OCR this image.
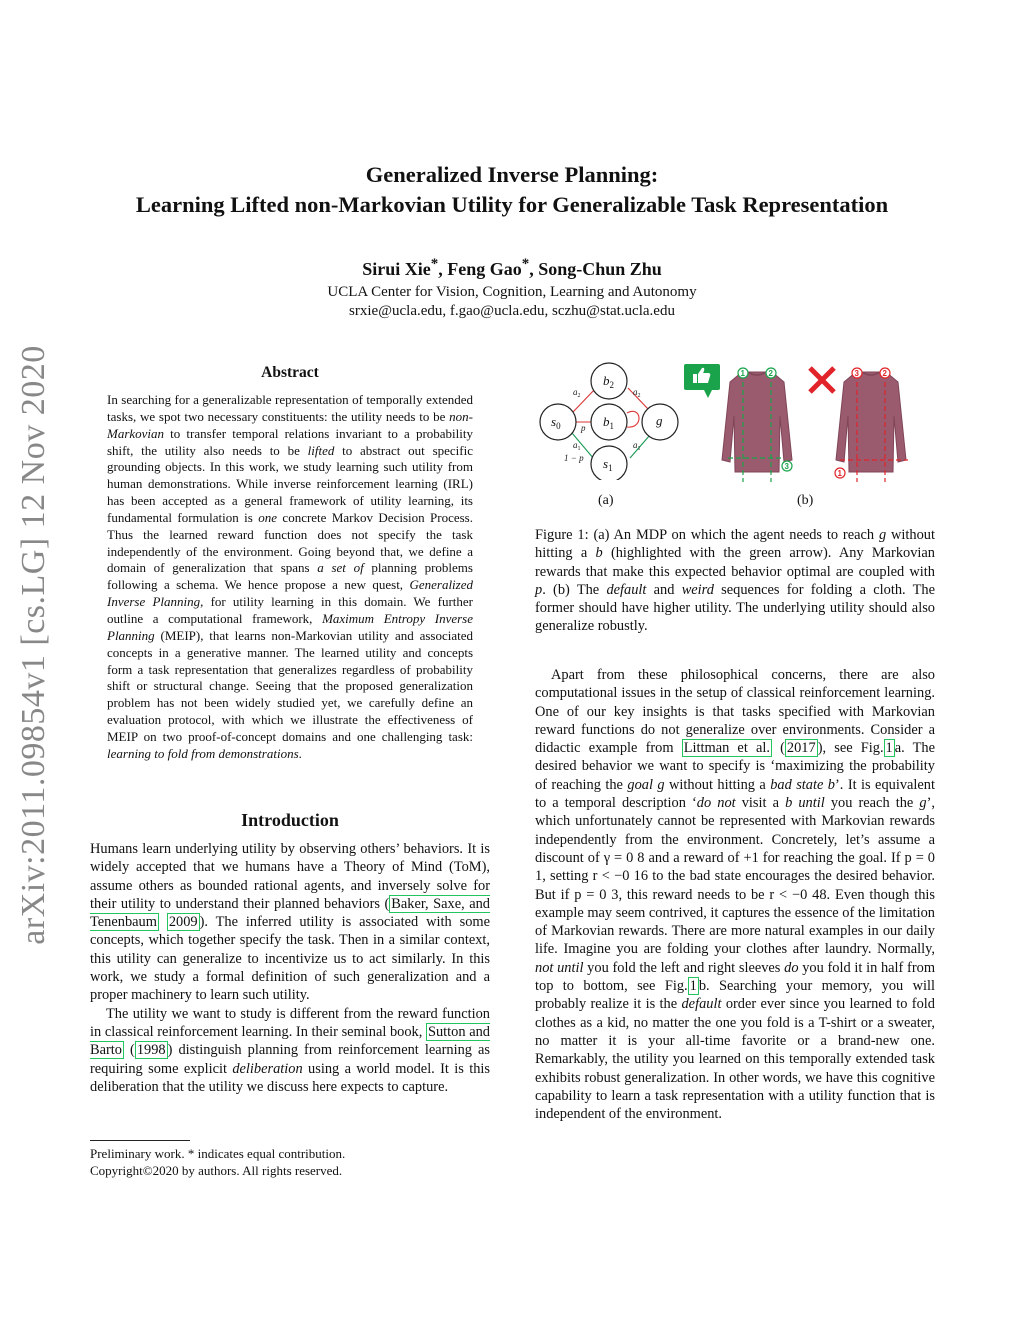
Generalized Inverse Planning:
Learning Lifted non-Markovian Utility for Generalizable Task Representation
Sirui Xie*, Feng Gao*, Song-Chun Zhu
UCLA Center for Vision, Cognition, Learning and Autonomy
srxie@ucla.edu, f.gao@ucla.edu, sczhu@stat.ucla.edu
arXiv:2011.09854v1 [cs.LG] 12 Nov 2020	Abstract
In searching for a generalizable representation of temporally extended tasks, we spot two necessary constituents: the utility needs to be non-Markovian to transfer temporal relations invariant to a probability shift, the utility also needs to be lifted to abstract out specific grounding objects. In this work, we study learning such utility from human demonstrations. While inverse reinforcement learning (IRL) has been accepted as a general framework of utility learning, its fundamental formulation is one concrete Markov Decision Process. Thus the learned reward function does not specify the task independently of the environment. Going beyond that, we define a domain of generalization that spans a set of planning problems following a schema. We hence propose a new quest, Generalized Inverse Planning, for utility learning in this domain. We further outline a computational framework, Maximum Entropy Inverse Planning (MEIP), that learns non-Markovian utility and associated concepts in a generative manner. The learned utility and concepts form a task representation that generalizes regardless of probability shift or structural change. Seeing that the proposed generalization problem has not been widely studied yet, we carefully define an evaluation protocol, with which we illustrate the effectiveness of MEIP on two proof-of-concept domains and one challenging task: learning to fold from demonstrations.
Introduction

Humans learn underlying utility by observing others’ behaviors. It is widely accepted that we humans have a Theory of Mind (ToM), assume others as bounded rational agents, and inversely solve for their utility to understand their planned behaviors ( Baker, Saxe, and Tenenbaum 2009 ). The inferred utility is associated with some concepts, which together specify the task. Then in a similar context, this utility can generalize to incentivize us to act similarly. In this work, we study a formal definition of such generalization and a proper machinery to learn such utility.

The utility we want to study is different from the reward function in classical reinforcement learning. In their seminal book, Sutton and Barto ( 1998 ) distinguish planning from reinforcement learning as requiring some explicit deliberation using a world model. It is this deliberation that the utility we discuss here expects to capture.

Preliminary work. * indicates equal contribution.
Copyright©2020 by authors. All rights reserved.
$b_2$
$s_0$	$b_1$	g
$s_1$
$a_2$	$a_2$
p
$a_1$	$a_1$
1 − p
1	2
3
3	2
1
(a)	(b)
Figure 1: (a) An MDP on which the agent needs to reach g without hitting a b (highlighted with the green arrow). Any Markovian rewards that make this expected behavior optimal are coupled with p. (b) The default and weird sequences for folding a cloth. The former should have higher utility. The underlying utility should also generalize robustly.

Apart from these philosophical concerns, there are also computational issues in the setup of classical reinforcement learning. One of our key insights is that tasks specified with Markovian reward functions do not generalize over environments. Consider a didactic example from Littman et al. ( 2017 ), see Fig. 1 a. The desired behavior we want to specify is ‘maximizing the probability of reaching the goal g without hitting a bad state b’. It is equivalent to a temporal description ‘do not visit a b until you reach the g’, which unfortunately cannot be represented with Markovian rewards independently from the environment. Concretely, let’s assume a discount of γ = 0 8 and a reward of +1 for reaching the goal. If p = 0 1, setting r < −0 16 to the bad state encourages the desired behavior. But if p = 0 3, this reward needs to be r < −0 48. Even though this example may seem contrived, it captures the essence of the limitation of Markovian rewards. There are more natural examples in our daily life. Imagine you are folding your clothes after laundry. Normally, not until you fold the left and right sleeves do you fold it in half from top to bottom, see Fig. 1 b. Searching your memory, you will probably realize it is the default order ever since you learned to fold clothes as a kid, no matter the one you fold is a T-shirt or a sweater, no matter it is your all-time favorite or a brand-new one. Remarkably, the utility you learned on this temporally extended task exhibits robust generalization. In other words, we have this cognitive capability to learn a task representation with a utility function that is independent of the environment.
